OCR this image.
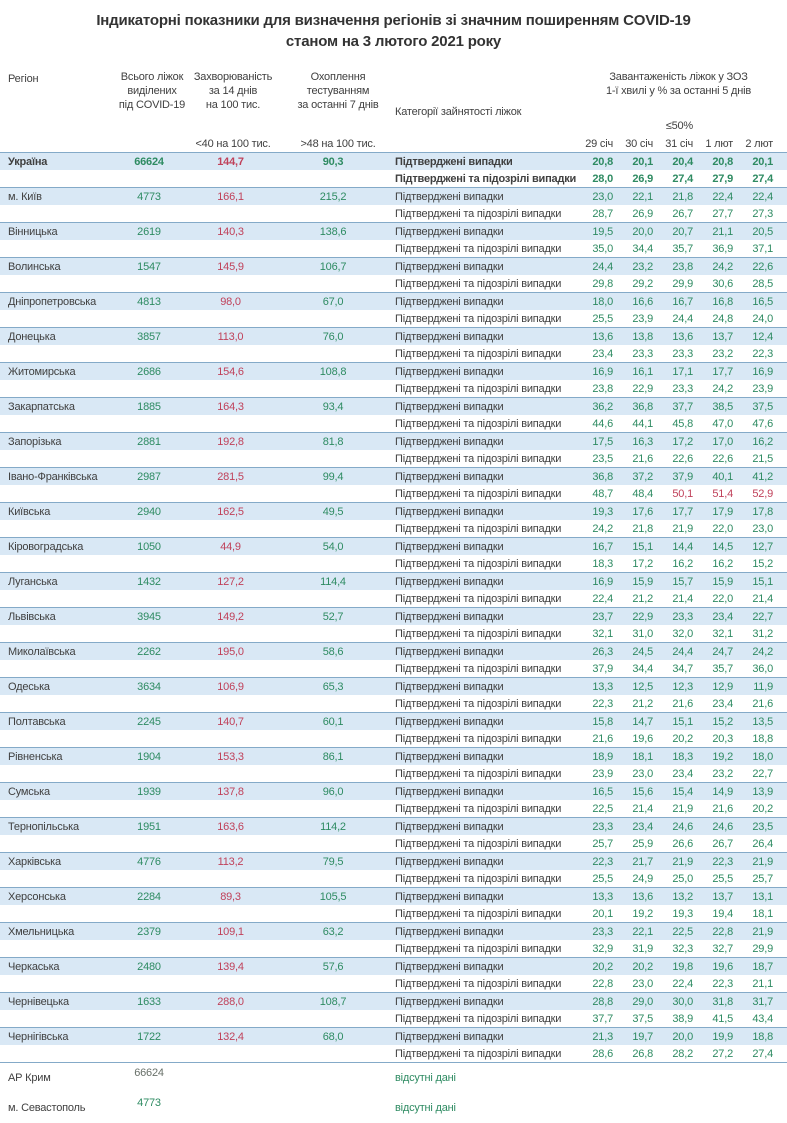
Індикаторні показники для визначення регіонів зі значним поширенням COVID-19
станом на 3 лютого 2021 року
Регіон	Всього ліжок
виділених
під COVID-19
Захворюваність
за 14 днів
на 100 тис.
Охоплення
тестуванням
за останні 7 днів
Категорії зайнятості ліжок
Завантаженість ліжок у ЗОЗ
1-ї хвилі у % за останні 5 днів
<40 на 100 тис.	>48 на 100 тис.
≤50%
29 січ	30 січ	31 січ	1 лют	2 лют
Україна	66624	144,7	90,3	Підтверджені випадки	20,8	20,1	20,4	20,8	20,1
				Підтверджені та підозрілі випадки	28,0	26,9	27,4	27,9	27,4
м. Київ	4773	166,1	215,2	Підтверджені випадки	23,0	22,1	21,8	22,4	22,4
				Підтверджені та підозрілі випадки	28,7	26,9	26,7	27,7	27,3
Вінницька	2619	140,3	138,6	Підтверджені випадки	19,5	20,0	20,7	21,1	20,5
				Підтверджені та підозрілі випадки	35,0	34,4	35,7	36,9	37,1
Волинська	1547	145,9	106,7	Підтверджені випадки	24,4	23,2	23,8	24,2	22,6
				Підтверджені та підозрілі випадки	29,8	29,2	29,9	30,6	28,5
Дніпропетровська	4813	98,0	67,0	Підтверджені випадки	18,0	16,6	16,7	16,8	16,5
				Підтверджені та підозрілі випадки	25,5	23,9	24,4	24,8	24,0
Донецька	3857	113,0	76,0	Підтверджені випадки	13,6	13,8	13,6	13,7	12,4
				Підтверджені та підозрілі випадки	23,4	23,3	23,3	23,2	22,3
Житомирська	2686	154,6	108,8	Підтверджені випадки	16,9	16,1	17,1	17,7	16,9
				Підтверджені та підозрілі випадки	23,8	22,9	23,3	24,2	23,9
Закарпатська	1885	164,3	93,4	Підтверджені випадки	36,2	36,8	37,7	38,5	37,5
				Підтверджені та підозрілі випадки	44,6	44,1	45,8	47,0	47,6
Запорізька	2881	192,8	81,8	Підтверджені випадки	17,5	16,3	17,2	17,0	16,2
				Підтверджені та підозрілі випадки	23,5	21,6	22,6	22,6	21,5
Івано-Франківська	2987	281,5	99,4	Підтверджені випадки	36,8	37,2	37,9	40,1	41,2
				Підтверджені та підозрілі випадки	48,7	48,4	50,1	51,4	52,9
Київська	2940	162,5	49,5	Підтверджені випадки	19,3	17,6	17,7	17,9	17,8
				Підтверджені та підозрілі випадки	24,2	21,8	21,9	22,0	23,0
Кіровоградська	1050	44,9	54,0	Підтверджені випадки	16,7	15,1	14,4	14,5	12,7
				Підтверджені та підозрілі випадки	18,3	17,2	16,2	16,2	15,2
Луганська	1432	127,2	114,4	Підтверджені випадки	16,9	15,9	15,7	15,9	15,1
				Підтверджені та підозрілі випадки	22,4	21,2	21,4	22,0	21,4
Львівська	3945	149,2	52,7	Підтверджені випадки	23,7	22,9	23,3	23,4	22,7
				Підтверджені та підозрілі випадки	32,1	31,0	32,0	32,1	31,2
Миколаївська	2262	195,0	58,6	Підтверджені випадки	26,3	24,5	24,4	24,7	24,2
				Підтверджені та підозрілі випадки	37,9	34,4	34,7	35,7	36,0
Одеська	3634	106,9	65,3	Підтверджені випадки	13,3	12,5	12,3	12,9	11,9
				Підтверджені та підозрілі випадки	22,3	21,2	21,6	23,4	21,6
Полтавська	2245	140,7	60,1	Підтверджені випадки	15,8	14,7	15,1	15,2	13,5
				Підтверджені та підозрілі випадки	21,6	19,6	20,2	20,3	18,8
Рівненська	1904	153,3	86,1	Підтверджені випадки	18,9	18,1	18,3	19,2	18,0
				Підтверджені та підозрілі випадки	23,9	23,0	23,4	23,2	22,7
Сумська	1939	137,8	96,0	Підтверджені випадки	16,5	15,6	15,4	14,9	13,9
				Підтверджені та підозрілі випадки	22,5	21,4	21,9	21,6	20,2
Тернопільська	1951	163,6	114,2	Підтверджені випадки	23,3	23,4	24,6	24,6	23,5
				Підтверджені та підозрілі випадки	25,7	25,9	26,6	26,7	26,4
Харківська	4776	113,2	79,5	Підтверджені випадки	22,3	21,7	21,9	22,3	21,9
				Підтверджені та підозрілі випадки	25,5	24,9	25,0	25,5	25,7
Херсонська	2284	89,3	105,5	Підтверджені випадки	13,3	13,6	13,2	13,7	13,1
				Підтверджені та підозрілі випадки	20,1	19,2	19,3	19,4	18,1
Хмельницька	2379	109,1	63,2	Підтверджені випадки	23,3	22,1	22,5	22,8	21,9
				Підтверджені та підозрілі випадки	32,9	31,9	32,3	32,7	29,9
Черкаська	2480	139,4	57,6	Підтверджені випадки	20,2	20,2	19,8	19,6	18,7
				Підтверджені та підозрілі випадки	22,8	23,0	22,4	22,3	21,1
Чернівецька	1633	288,0	108,7	Підтверджені випадки	28,8	29,0	30,0	31,8	31,7
				Підтверджені та підозрілі випадки	37,7	37,5	38,9	41,5	43,4
Чернігівська	1722	132,4	68,0	Підтверджені випадки	21,3	19,7	20,0	19,9	18,8
				Підтверджені та підозрілі випадки	28,6	26,8	28,2	27,2	27,4
АР Крим	66624			відсутні дані					
м. Севастополь	4773			відсутні дані					
